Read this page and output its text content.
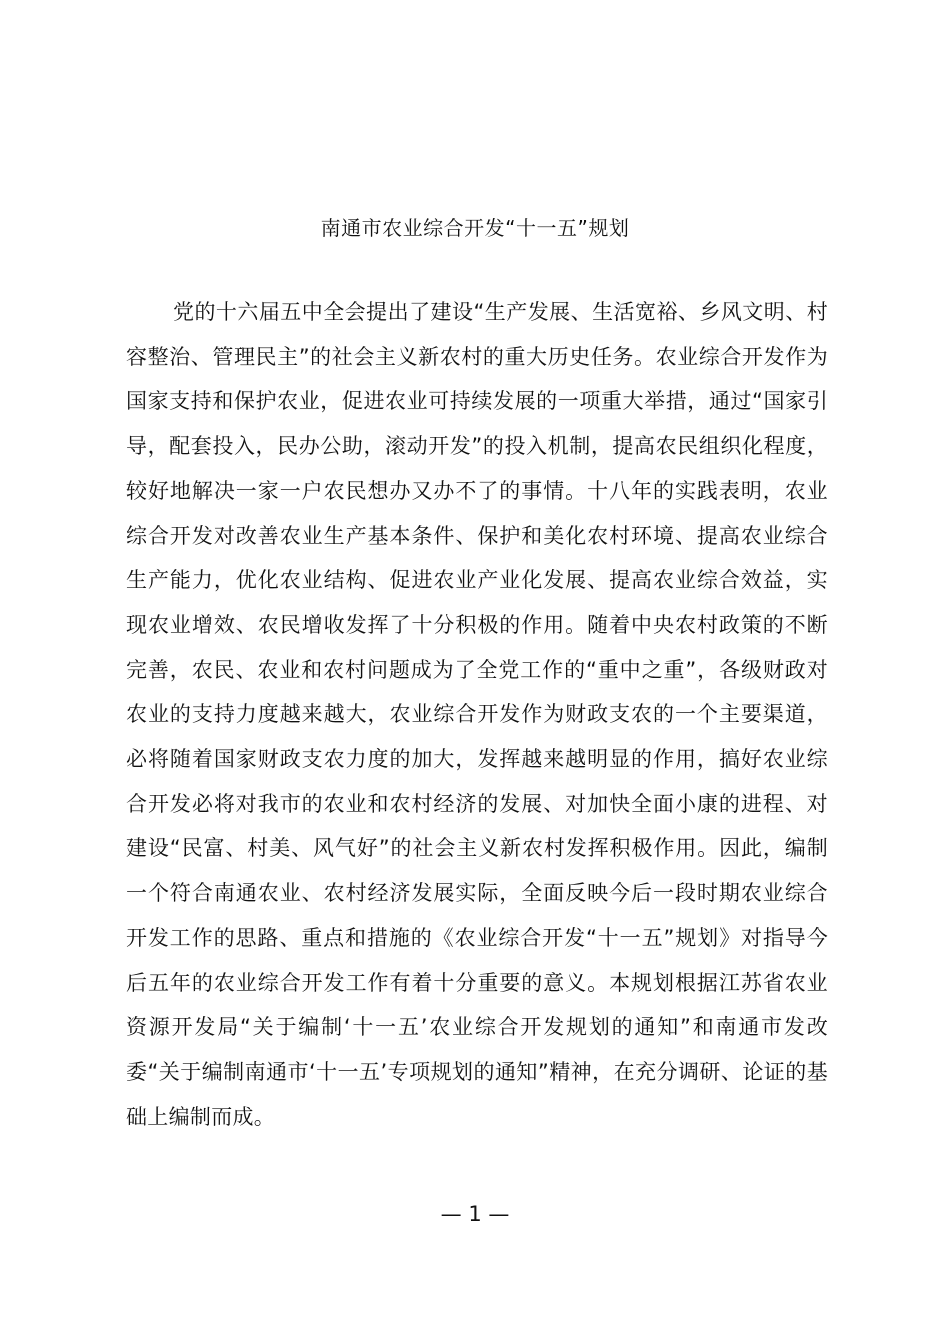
南通市农业综合开发“十一五”规划

党的十六届五中全会提出了建设“生产发展、生活宽裕、乡风文明、村容整治、管理民主”的社会主义新农村的重大历史任务。农业综合开发作为国家支持和保护农业，促进农业可持续发展的一项重大举措，通过“国家引导，配套投入，民办公助，滚动开发”的投入机制，提高农民组织化程度，较好地解决一家一户农民想办又办不了的事情。十八年的实践表明，农业综合开发对改善农业生产基本条件、保护和美化农村环境、提高农业综合生产能力，优化农业结构、促进农业产业化发展、提高农业综合效益，实现农业增效、农民增收发挥了十分积极的作用。随着中央农村政策的不断完善，农民、农业和农村问题成为了全党工作的“重中之重”，各级财政对农业的支持力度越来越大，农业综合开发作为财政支农的一个主要渠道，必将随着国家财政支农力度的加大，发挥越来越明显的作用，搞好农业综合开发必将对我市的农业和农村经济的发展、对加快全面小康的进程、对建设“民富、村美、风气好”的社会主义新农村发挥积极作用。因此，编制一个符合南通农业、农村经济发展实际，全面反映今后一段时期农业综合开发工作的思路、重点和措施的《农业综合开发“十一五”规划》对指导今后五年的农业综合开发工作有着十分重要的意义。本规划根据江苏省农业资源开发局“关于编制‘十一五’农业综合开发规划的通知”和南通市发改委“关于编制南通市‘十一五’专项规划的通知”精神，在充分调研、论证的基础上编制而成。

— 1 —
